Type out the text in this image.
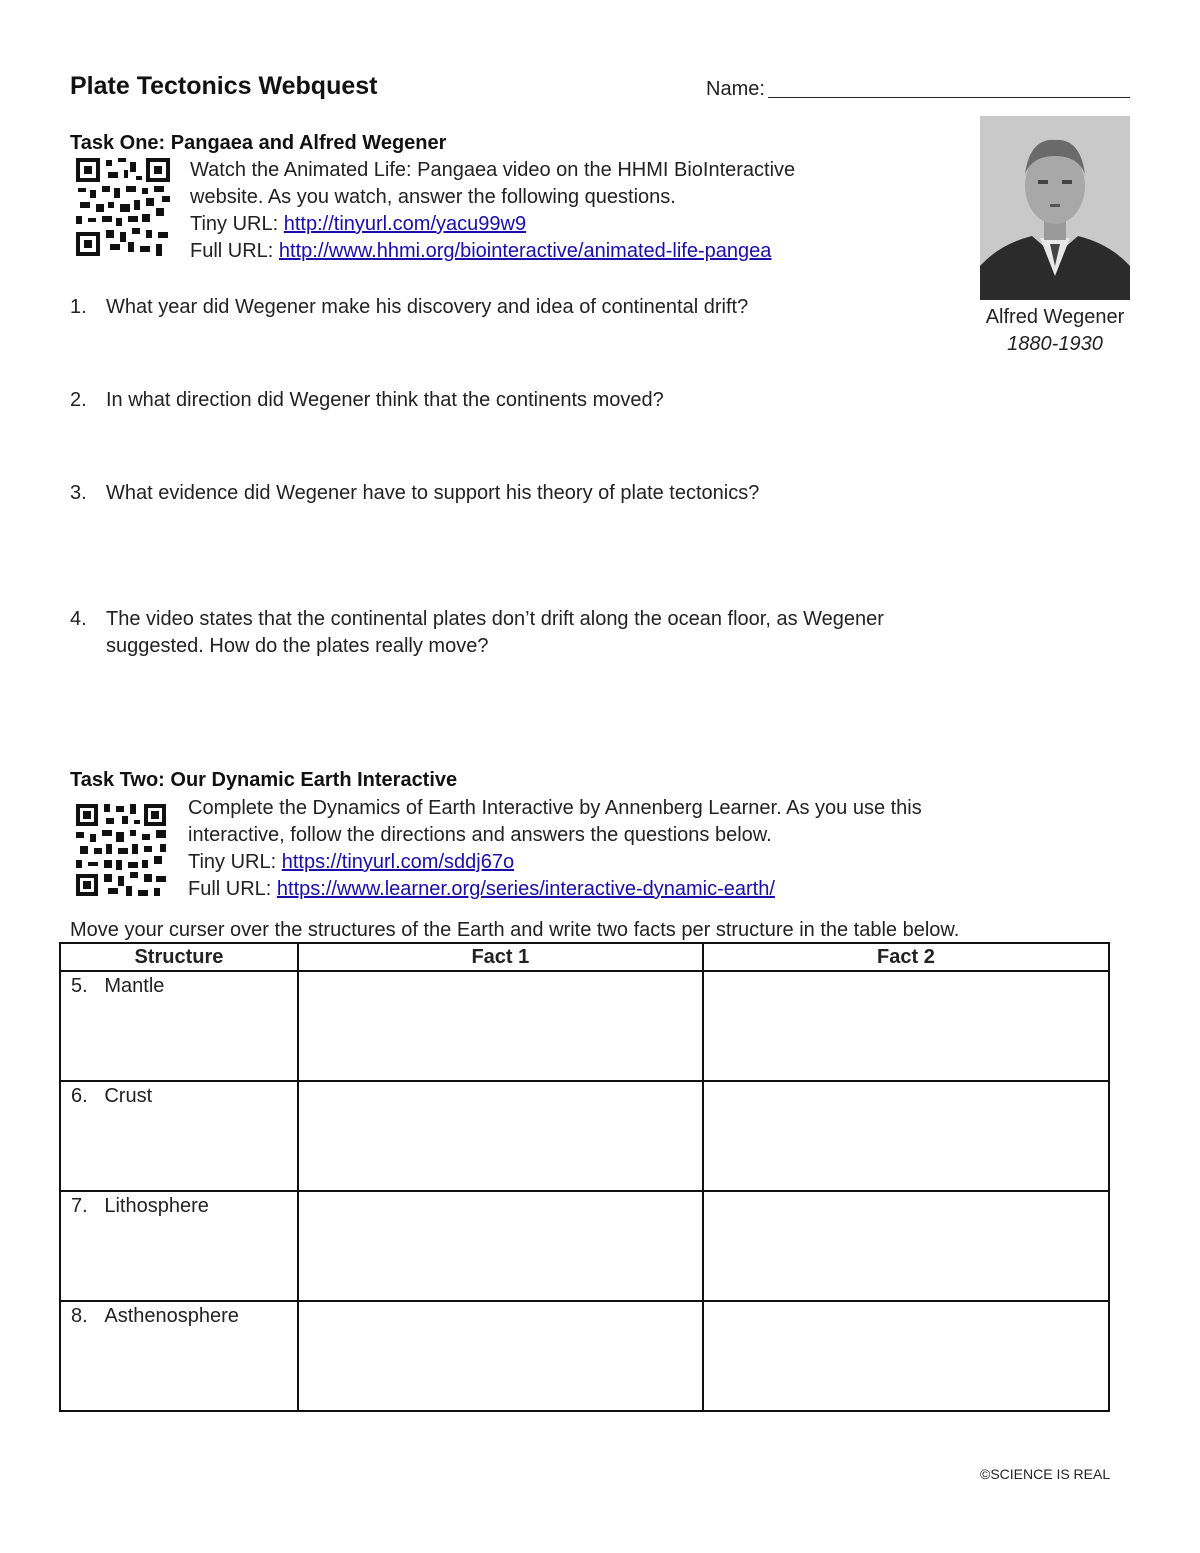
Plate Tectonics Webquest	Name:
Task One: Pangaea and Alfred Wegener
Watch the Animated Life: Pangaea video on the HHMI BioInteractive
website. As you watch, answer the following questions.
Tiny URL: http://tinyurl.com/yacu99w9
Full URL: http://www.hhmi.org/biointeractive/animated-life-pangea
Alfred Wegener
1880-1930
1. What year did Wegener make his discovery and idea of continental drift?
2. In what direction did Wegener think that the continents moved?
3. What evidence did Wegener have to support his theory of plate tectonics?
4. The video states that the continental plates don’t drift along the ocean floor, as Wegener
suggested. How do the plates really move?
Task Two: Our Dynamic Earth Interactive
Complete the Dynamics of Earth Interactive by Annenberg Learner. As you use this
interactive, follow the directions and answers the questions below.
Tiny URL: https://tinyurl.com/sddj67o
Full URL: https://www.learner.org/series/interactive-dynamic-earth/
Move your curser over the structures of the Earth and write two facts per structure in the table below.
Structure	Fact 1	Fact 2
5. Mantle		
6. Crust		
7. Lithosphere		
8. Asthenosphere		
©SCIENCE IS REAL
